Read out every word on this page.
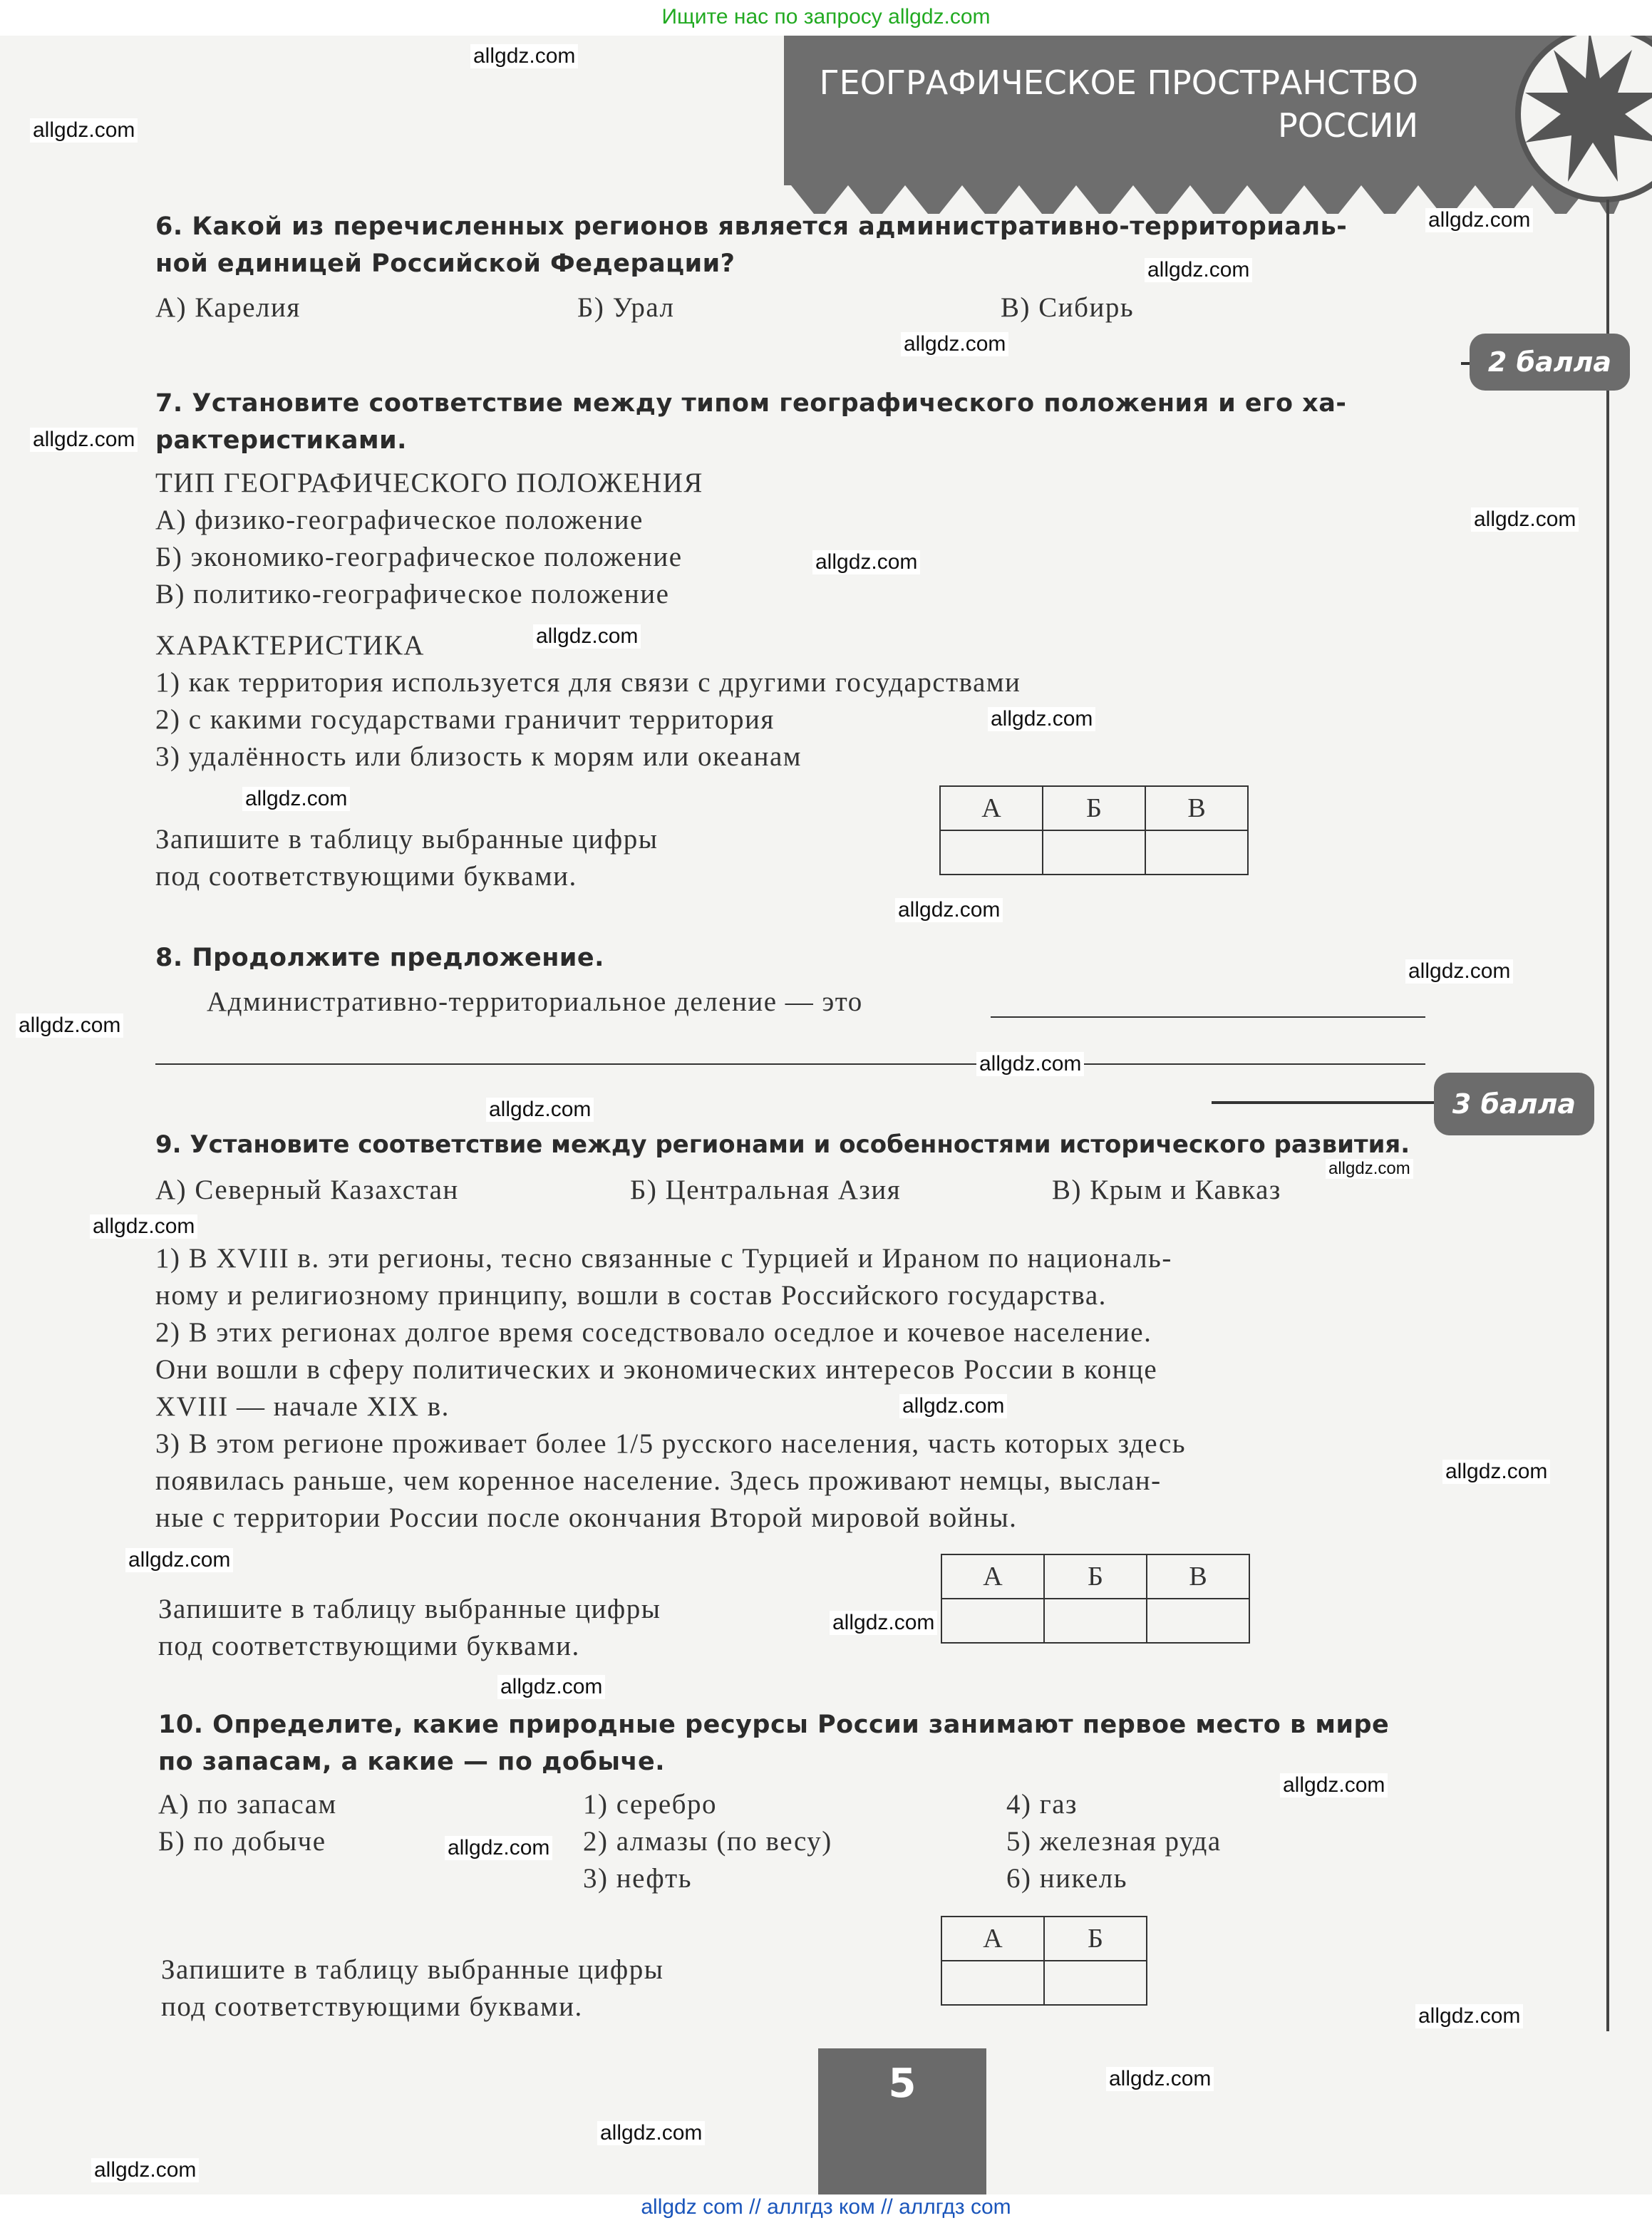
Ищите нас по запросу allgdz.com
ГЕОГРАФИЧЕСКОЕ ПРОСТРАНСТВО
РОССИИ
2 балла
3 балла
6. Какой из перечисленных регионов является административно-территориаль-
ной единицей Российской Федерации?
А) Карелия	Б) Урал	В) Сибирь
7. Установите соответствие между типом географического положения и его ха-
рактеристиками.
ТИП ГЕОГРАФИЧЕСКОГО ПОЛОЖЕНИЯ
А) физико-географическое положение
Б) экономико-географическое положение
В) политико-географическое положение
ХАРАКТЕРИСТИКА
1) как территория используется для связи с другими государствами
2) с какими государствами граничит территория
3) удалённость или близость к морям или океанам
Запишите в таблицу выбранные цифры
под соответствующими буквами.
А	Б	В

8. Продолжите предложение.
Административно-территориальное деление — это
9. Установите соответствие между регионами и особенностями исторического развития.
А) Северный Казахстан	Б) Центральная Азия	В) Крым и Кавказ
1) В XVIII в. эти регионы, тесно связанные с Турцией и Ираном по националь-
ному и религиозному принципу, вошли в состав Российского государства.
2) В этих регионах долгое время соседствовало оседлое и кочевое население.
Они вошли в сферу политических и экономических интересов России в конце
XVIII — начале XIX в.
3) В этом регионе проживает более 1/5 русского населения, часть которых здесь
появилась раньше, чем коренное население. Здесь проживают немцы, выслан-
ные с территории России после окончания Второй мировой войны.
Запишите в таблицу выбранные цифры
под соответствующими буквами.
А	Б	В

10. Определите, какие природные ресурсы России занимают первое место в мире
по запасам, а какие — по добыче.
А) по запасам
Б) по добыче
1) серебро
2) алмазы (по весу)
3) нефть
4) газ
5) железная руда
6) никель
Запишите в таблицу выбранные цифры
под соответствующими буквами.
А	Б

5
allgdz.com
allgdz.com
allgdz.com
allgdz.com
allgdz.com
allgdz.com
allgdz.com
allgdz.com
allgdz.com
allgdz.com
allgdz.com
allgdz.com
allgdz.com
allgdz.com
allgdz.com
allgdz.com
allgdz.com
allgdz.com
allgdz.com
allgdz.com
allgdz.com
allgdz.com
allgdz.com
allgdz.com
allgdz.com
allgdz.com
allgdz.com
allgdz.com
allgdz.com
allgdz com // аллгдз ком // аллгдз com
